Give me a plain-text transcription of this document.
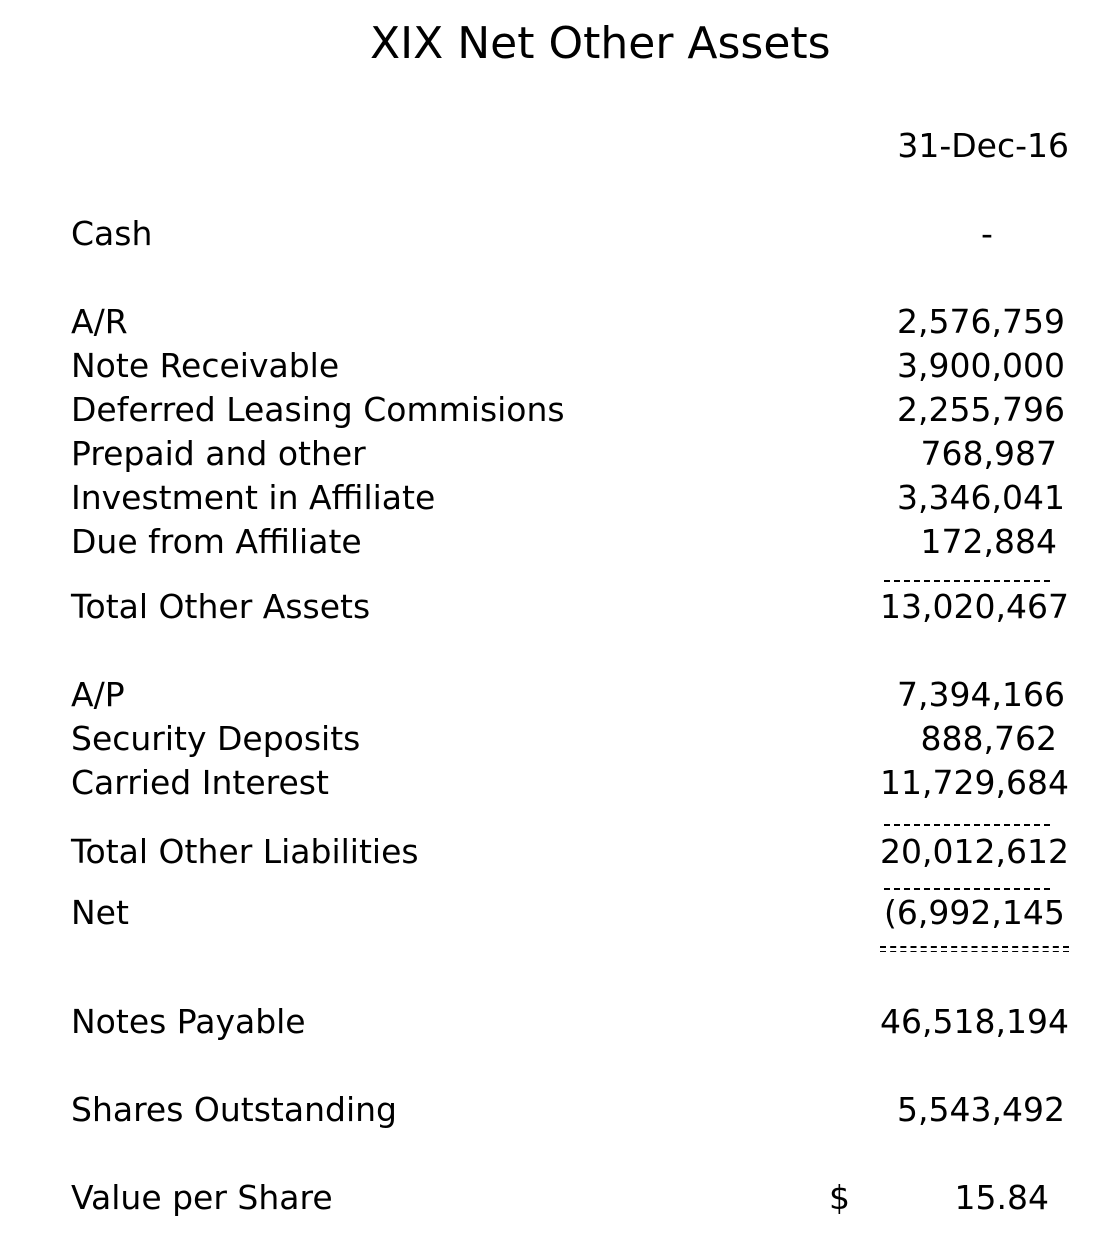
XIX Net Other Assets
31-Dec-16
Cash	-
A/R	2,576,759
Note Receivable	3,900,000
Deferred Leasing Commisions	2,255,796
Prepaid and other	768,987
Investment in Affiliate	3,346,041
Due from Affiliate	172,884
Total Other Assets	13,020,467
A/P	7,394,166
Security Deposits	888,762
Carried Interest	11,729,684
Total Other Liabilities	20,012,612
Net	(6,992,145
Notes Payable	46,518,194
Shares Outstanding	5,543,492
Value per Share	$	15.84
